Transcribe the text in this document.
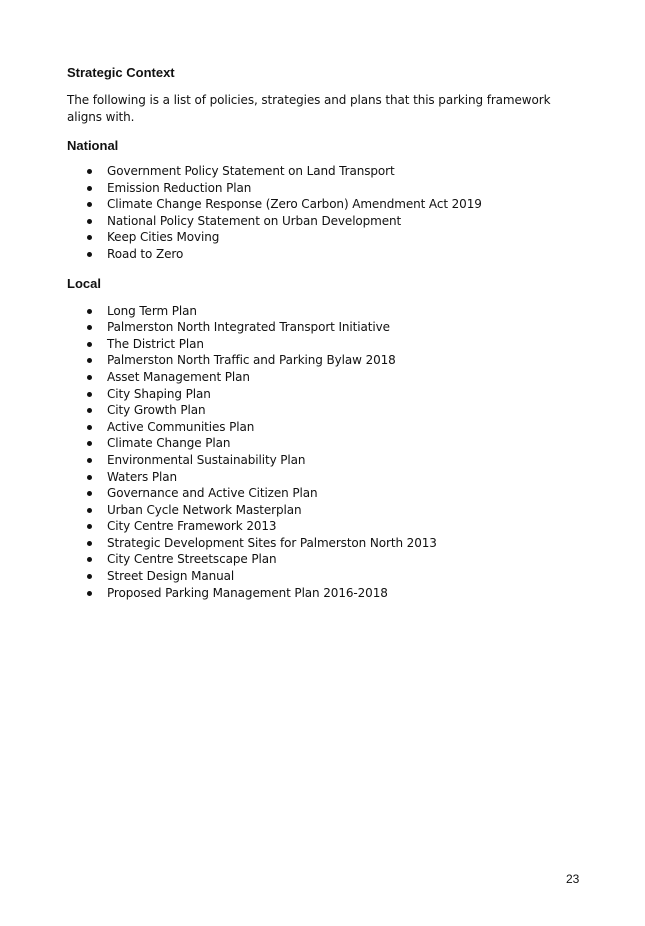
Strategic Context

The following is a list of policies, strategies and plans that this parking framework aligns with.

National
Government Policy Statement on Land Transport
Emission Reduction Plan
Climate Change Response (Zero Carbon) Amendment Act 2019
National Policy Statement on Urban Development
Keep Cities Moving
Road to Zero
Local
Long Term Plan
Palmerston North Integrated Transport Initiative
The District Plan
Palmerston North Traffic and Parking Bylaw 2018
Asset Management Plan
City Shaping Plan
City Growth Plan
Active Communities Plan
Climate Change Plan
Environmental Sustainability Plan
Waters Plan
Governance and Active Citizen Plan
Urban Cycle Network Masterplan
City Centre Framework 2013
Strategic Development Sites for Palmerston North 2013
City Centre Streetscape Plan
Street Design Manual
Proposed Parking Management Plan 2016-2018
23
